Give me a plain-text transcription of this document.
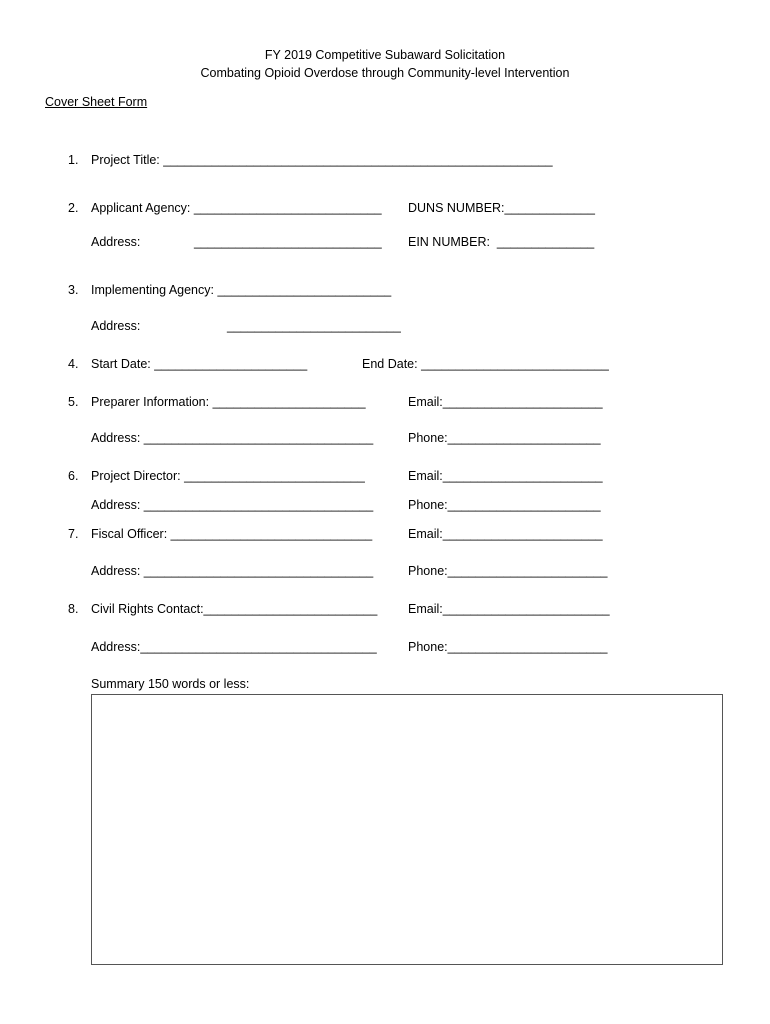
FY 2019 Competitive Subaward Solicitation
Combating Opioid Overdose through Community-level Intervention
Cover Sheet Form
1. Project Title: ________________________________________________________
2. Applicant Agency: ___________________________ DUNS NUMBER:_____________
Address:	___________________________ EIN NUMBER:  ______________
3. Implementing Agency: _________________________
Address:	_________________________
4. Start Date: ______________________	End Date: ___________________________
5. Preparer Information: ______________________	Email:_______________________
Address: _________________________________	Phone:______________________
6. Project Director: __________________________	Email:_______________________
Address: _________________________________	Phone:______________________
7. Fiscal Officer: _____________________________	Email:_______________________
Address: _________________________________	Phone:_______________________
8. Civil Rights Contact:_________________________ Email:________________________
Address:__________________________________	Phone:_______________________
Summary 150 words or less:
